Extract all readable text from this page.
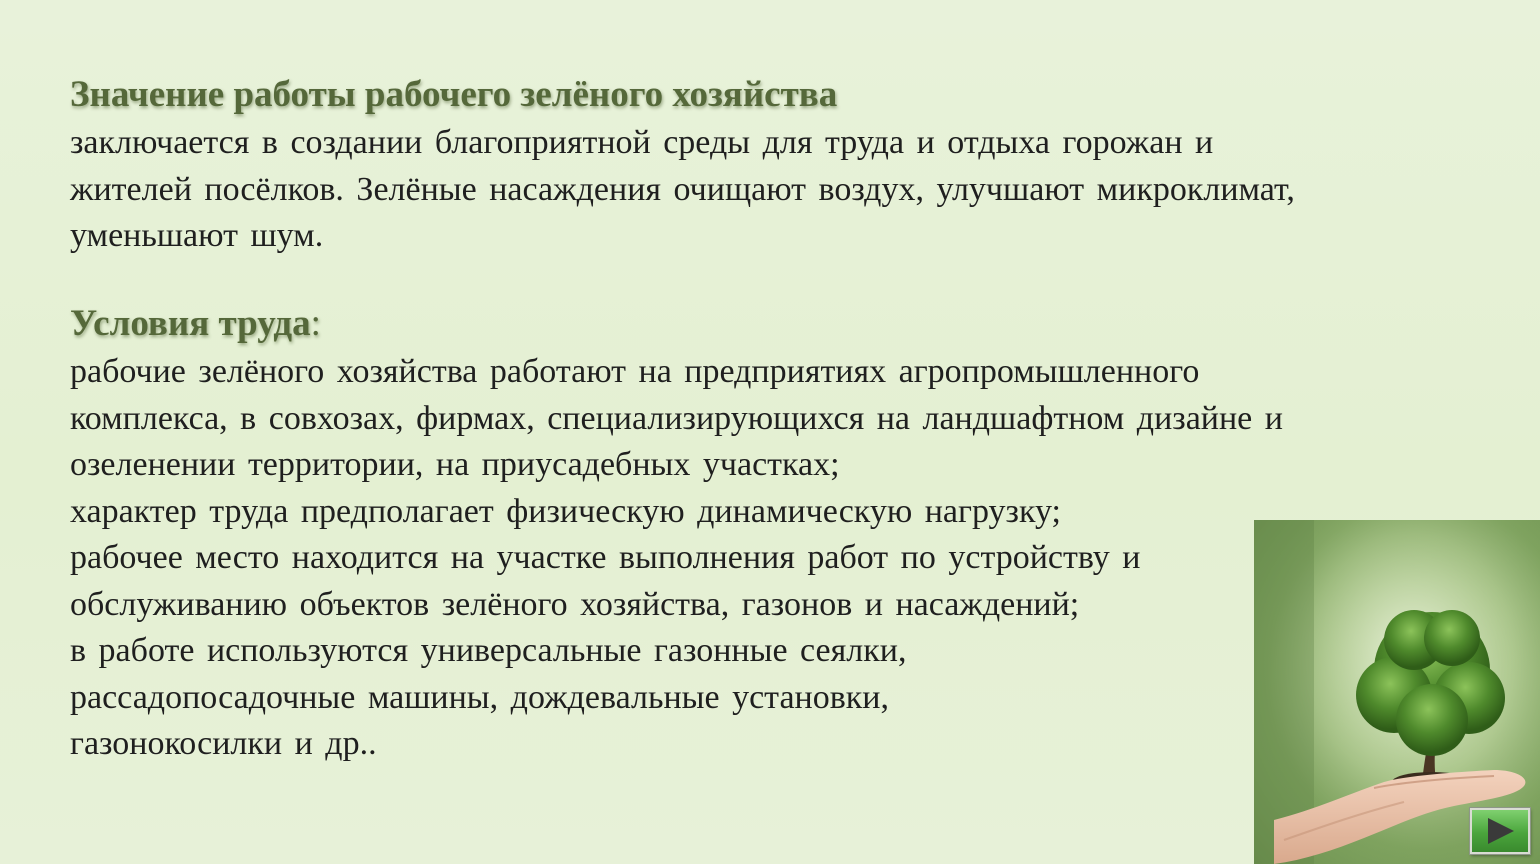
Значение работы рабочего зелёного хозяйства
заключается в создании благоприятной среды для труда и отдыха горожан и
жителей посёлков. Зелёные насаждения очищают воздух, улучшают микроклимат,
уменьшают шум.
Условия труда:
рабочие зелёного хозяйства работают на предприятиях агропромышленного
комплекса, в совхозах, фирмах, специализирующихся на ландшафтном дизайне и
озеленении территории, на приусадебных участках;
характер труда предполагает физическую динамическую нагрузку;
рабочее место находится на участке выполнения работ по устройству и
обслуживанию объектов зелёного хозяйства, газонов и насаждений;
в работе используются универсальные газонные сеялки,
рассадопосадочные машины, дождевальные установки,
газонокосилки и др..
